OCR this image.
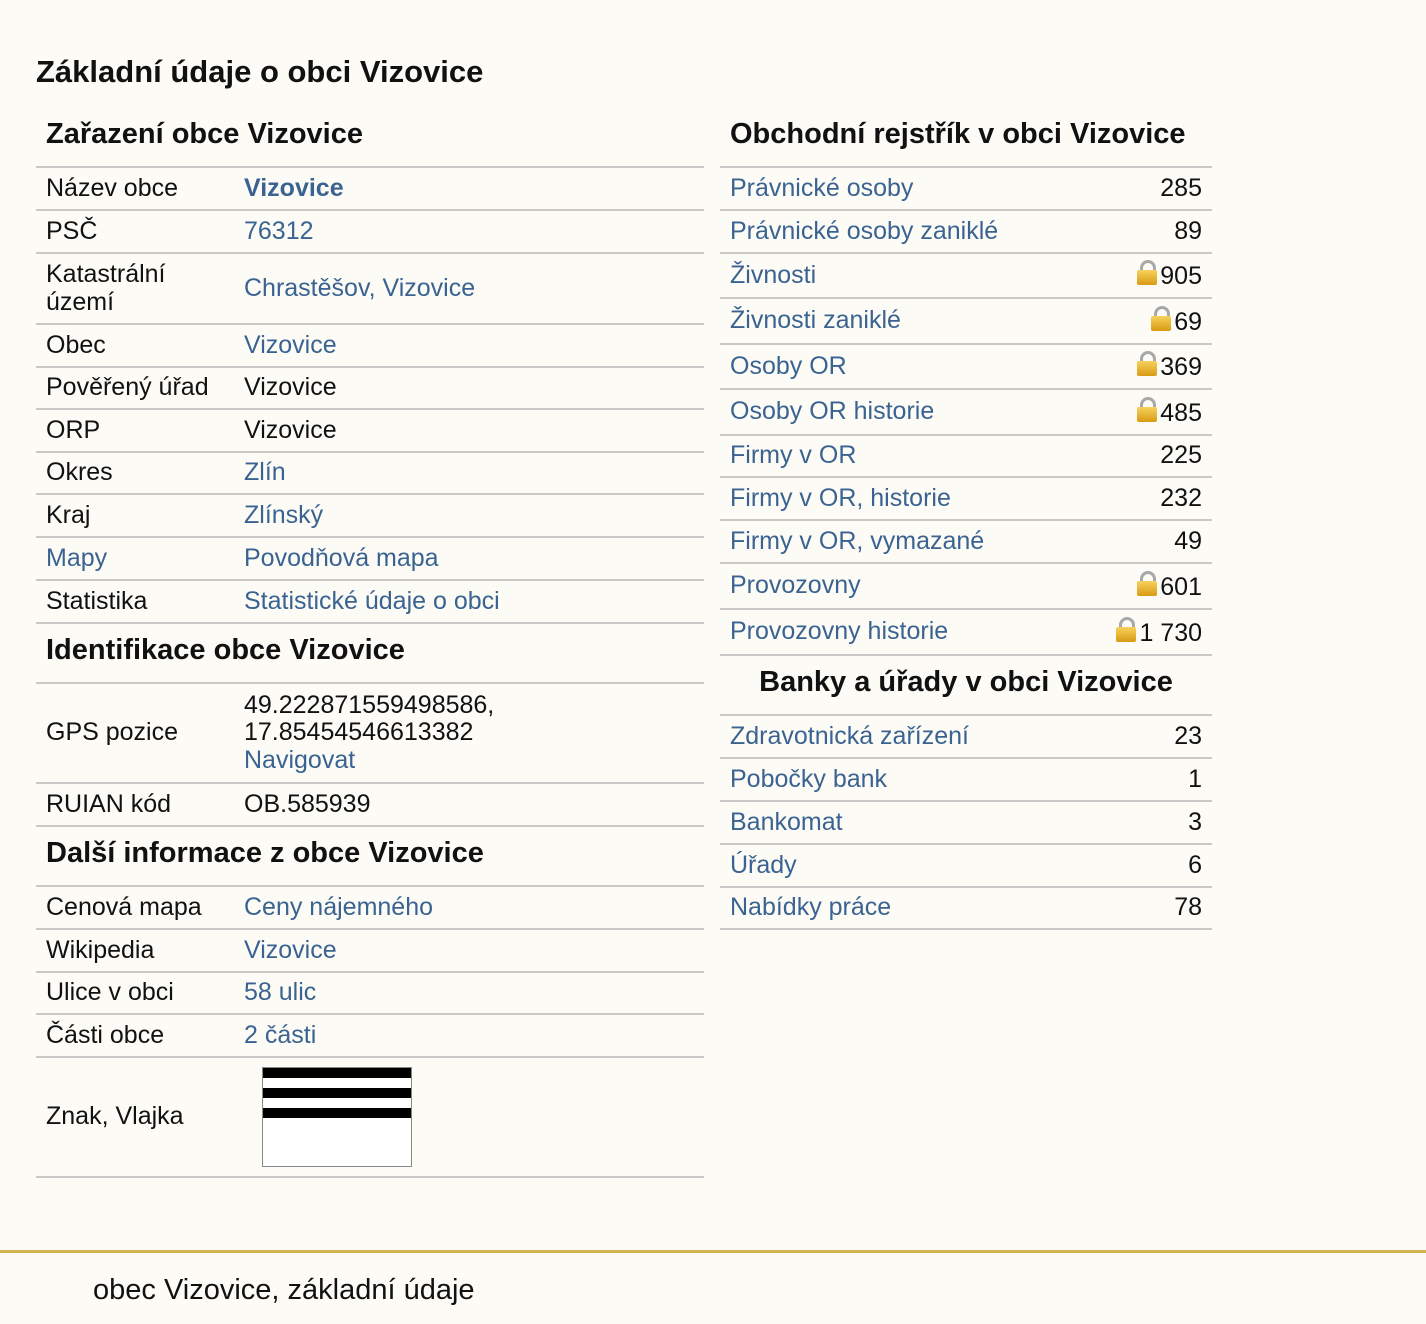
Základní údaje o obci Vizovice
Zařazení obce Vizovice
Název obce	Vizovice
PSČ	76312
Katastrální území	Chrastěšov, Vizovice
Obec	Vizovice
Pověřený úřad	Vizovice
ORP	Vizovice
Okres	Zlín
Kraj	Zlínský
Mapy	Povodňová mapa
Statistika	Statistické údaje o obci
Identifikace obce Vizovice
GPS pozice	49.222871559498586,
17.85454546613382
Navigovat
RUIAN kód	OB.585939
Další informace z obce Vizovice
Cenová mapa	Ceny nájemného
Wikipedia	Vizovice
Ulice v obci	58 ulic
Části obce	2 části
Znak, Vlajka	
Obchodní rejstřík v obci Vizovice
Právnické osoby	285
Právnické osoby zaniklé	89
Živnosti	905
Živnosti zaniklé	69
Osoby OR	369
Osoby OR historie	485
Firmy v OR	225
Firmy v OR, historie	232
Firmy v OR, vymazané	49
Provozovny	601
Provozovny historie	1 730
Banky a úřady v obci Vizovice
Zdravotnická zařízení	23
Pobočky bank	1
Bankomat	3
Úřady	6
Nabídky práce	78
obec Vizovice, základní údaje
